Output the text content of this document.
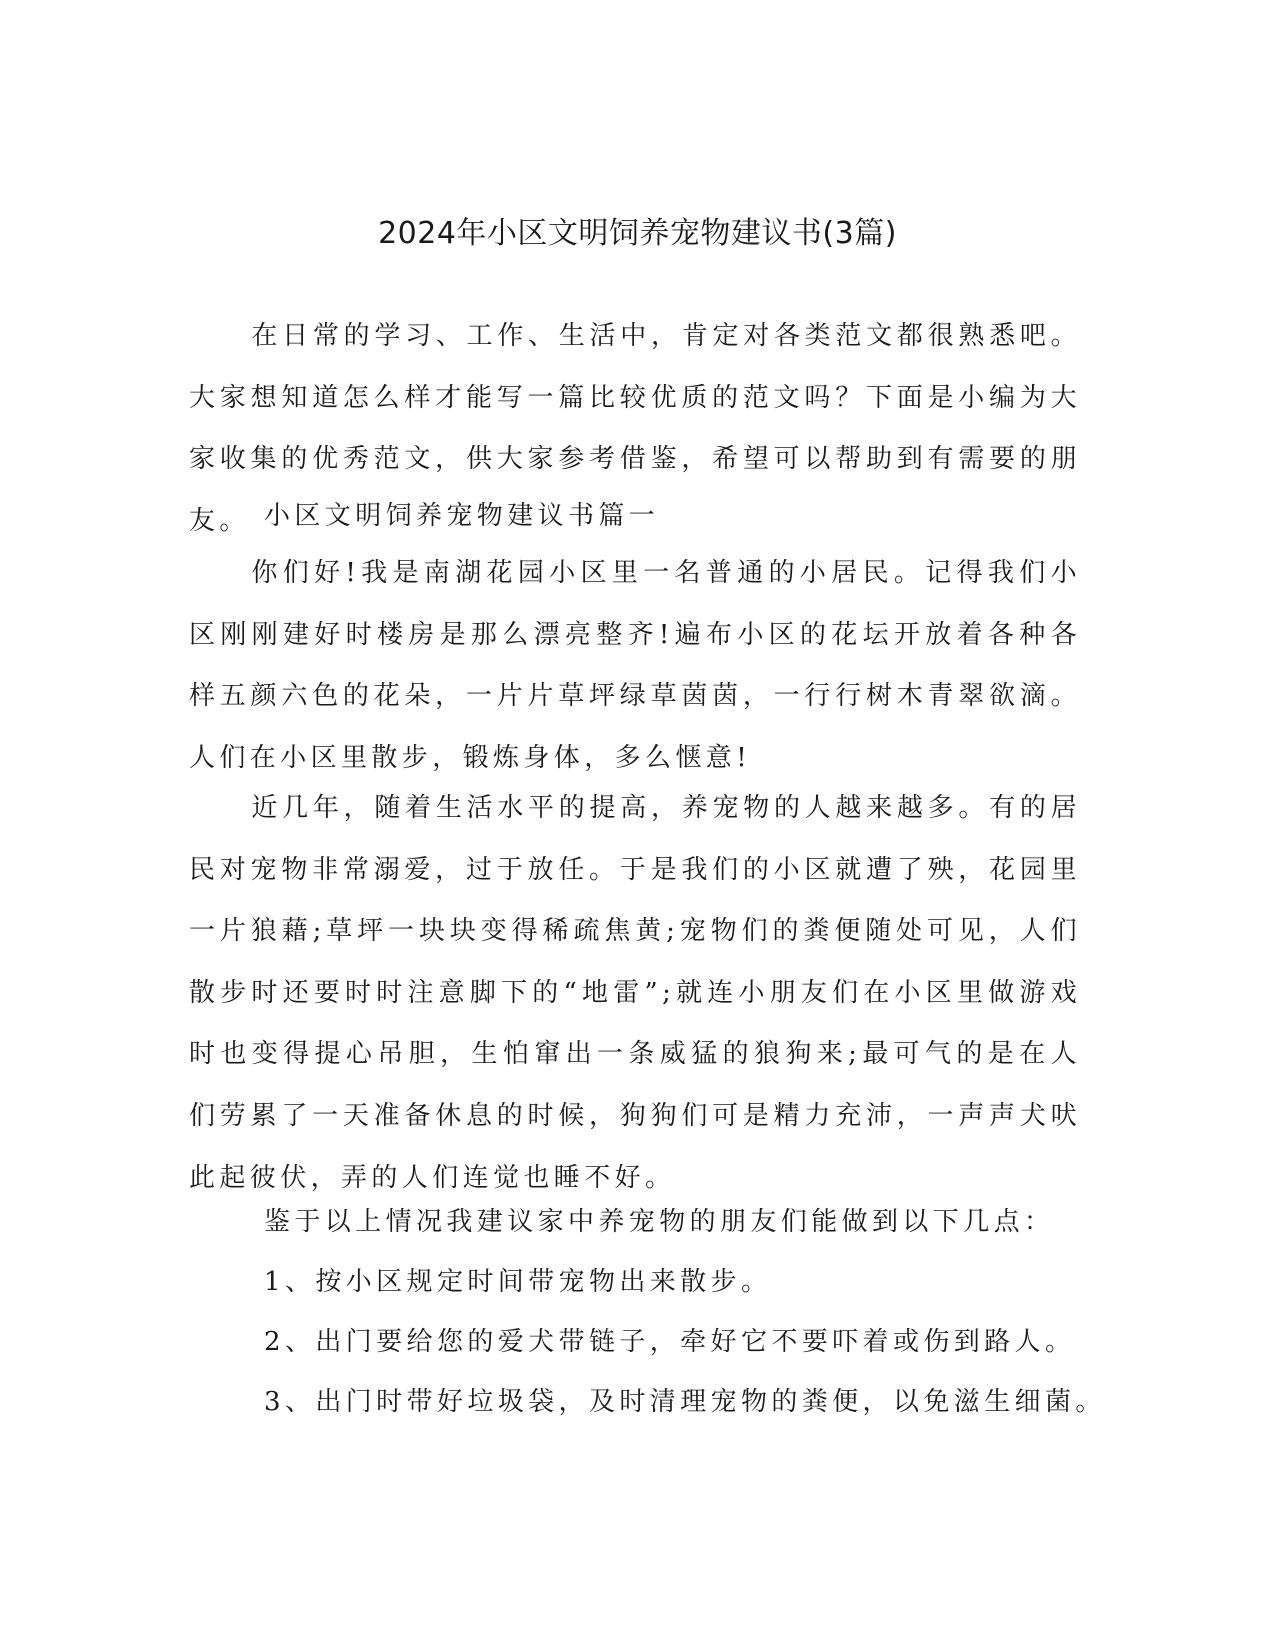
2024年小区文明饲养宠物建议书(3篇)

在日常的学习、工作、生活中，肯定对各类范文都很熟悉吧。大家想知道怎么样才能写一篇比较优质的范文吗？下面是小编为大家收集的优秀范文，供大家参考借鉴，希望可以帮助到有需要的朋友。 小区文明饲养宠物建议书篇一

你们好!我是南湖花园小区里一名普通的小居民。记得我们小区刚刚建好时楼房是那么漂亮整齐!遍布小区的花坛开放着各种各样五颜六色的花朵，一片片草坪绿草茵茵，一行行树木青翠欲滴。人们在小区里散步，锻炼身体，多么惬意!

近几年，随着生活水平的提高，养宠物的人越来越多。有的居民对宠物非常溺爱，过于放任。于是我们的小区就遭了殃，花园里一片狼藉;草坪一块块变得稀疏焦黄;宠物们的粪便随处可见，人们散步时还要时时注意脚下的“地雷”;就连小朋友们在小区里做游戏时也变得提心吊胆，生怕窜出一条威猛的狼狗来;最可气的是在人们劳累了一天准备休息的时候，狗狗们可是精力充沛，一声声犬吠此起彼伏，弄的人们连觉也睡不好。

鉴于以上情况我建议家中养宠物的朋友们能做到以下几点：
1、按小区规定时间带宠物出来散步。
2、出门要给您的爱犬带链子，牵好它不要吓着或伤到路人。
3、出门时带好垃圾袋，及时清理宠物的粪便，以免滋生细菌。
